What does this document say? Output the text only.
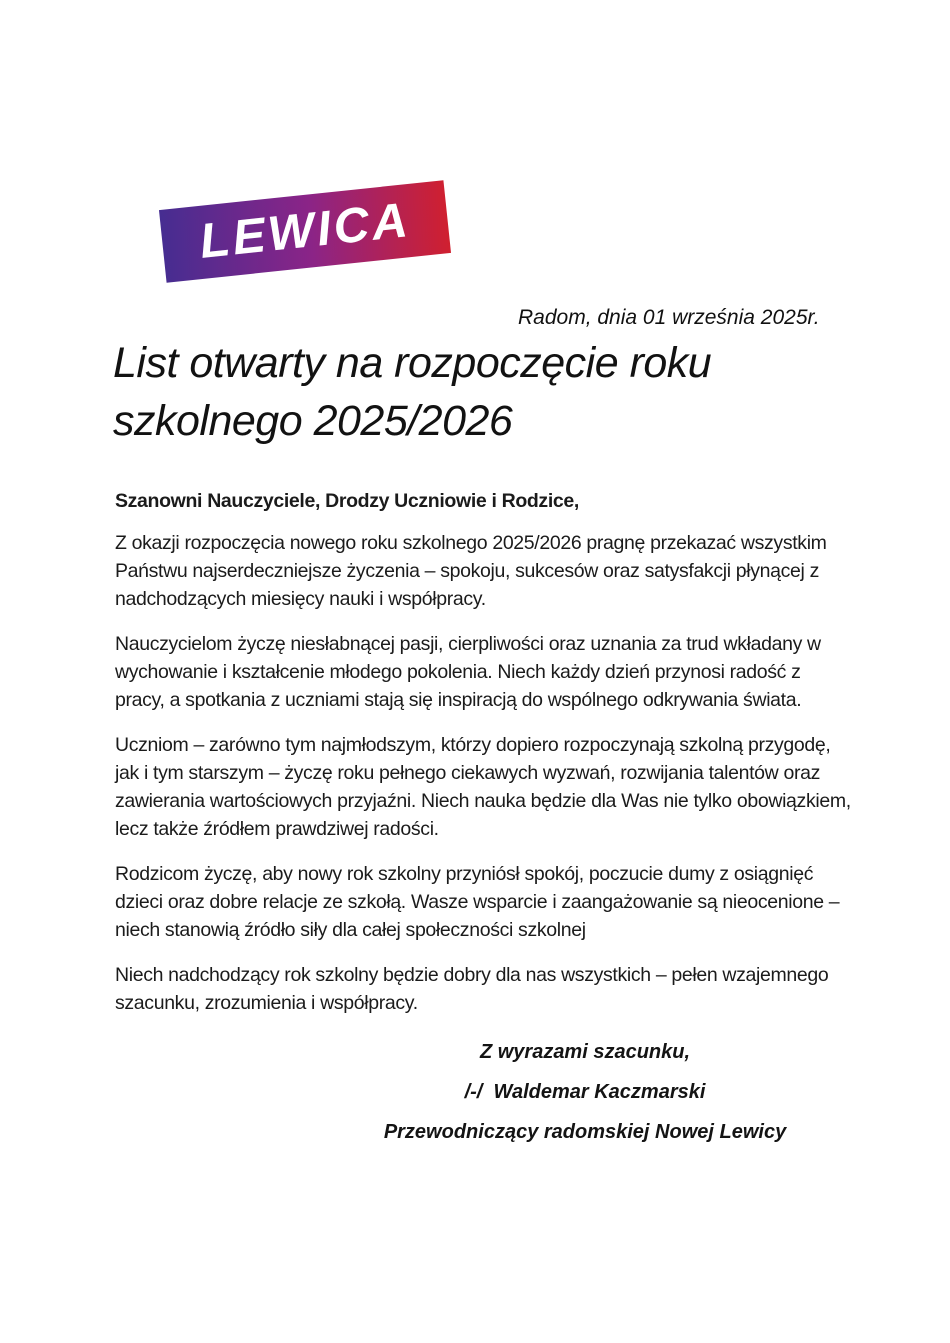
LEWICA
Radom, dnia 01 września 2025r.
List otwarty na rozpoczęcie roku szkolnego 2025/2026

Szanowni Nauczyciele, Drodzy Uczniowie i Rodzice,

Z okazji rozpoczęcia nowego roku szkolnego 2025/2026 pragnę przekazać wszystkim Państwu najserdeczniejsze życzenia – spokoju, sukcesów oraz satysfakcji płynącej z nadchodzących miesięcy nauki i współpracy.

Nauczycielom życzę niesłabnącej pasji, cierpliwości oraz uznania za trud wkładany w wychowanie i kształcenie młodego pokolenia. Niech każdy dzień przynosi radość z pracy, a spotkania z uczniami stają się inspiracją do wspólnego odkrywania świata.

Uczniom – zarówno tym najmłodszym, którzy dopiero rozpoczynają szkolną przygodę, jak i tym starszym – życzę roku pełnego ciekawych wyzwań, rozwijania talentów oraz zawierania wartościowych przyjaźni. Niech nauka będzie dla Was nie tylko obowiązkiem, lecz także źródłem prawdziwej radości.

Rodzicom życzę, aby nowy rok szkolny przyniósł spokój, poczucie dumy z osiągnięć dzieci oraz dobre relacje ze szkołą. Wasze wsparcie i zaangażowanie są nieocenione – niech stanowią źródło siły dla całej społeczności szkolnej

Niech nadchodzący rok szkolny będzie dobry dla nas wszystkich – pełen wzajemnego szacunku, zrozumienia i współpracy.

Z wyrazami szacunku,
/-/  Waldemar Kaczmarski
Przewodniczący radomskiej Nowej Lewicy
